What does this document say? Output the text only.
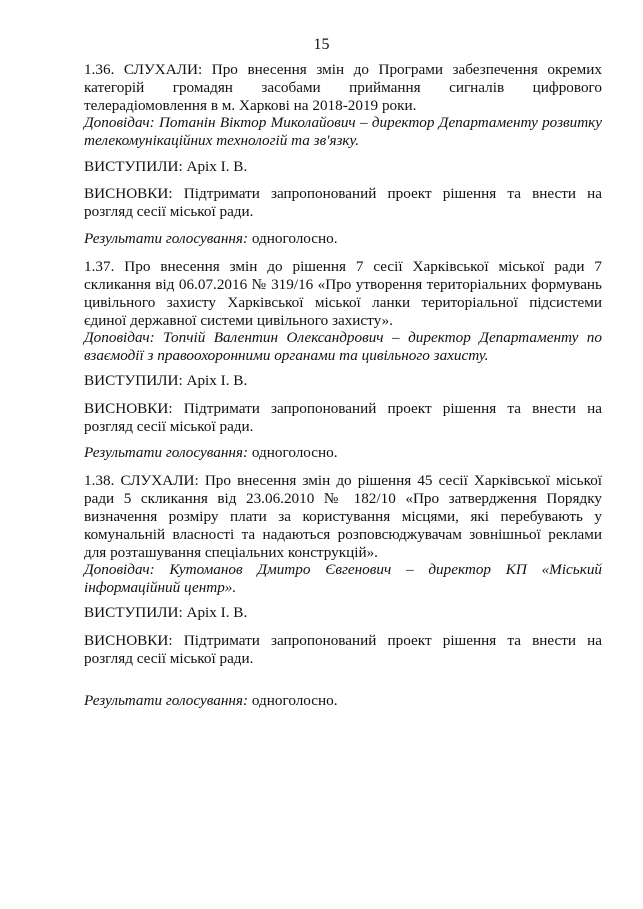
15
1.36. СЛУХАЛИ: Про внесення змін до Програми забезпечення окремих категорій громадян засобами приймання сигналів цифрового телерадіомовлення в м. Харкові на 2018-2019 роки.
Доповідач: Потанін Віктор Миколайович – директор Департаменту розвитку телекомунікаційних технологій та зв'язку.
ВИСТУПИЛИ: Аріх І. В.
ВИСНОВКИ: Підтримати запропонований проект рішення та внести на розгляд сесії міської ради.
Результати голосування: одноголосно.
1.37. Про внесення змін до рішення 7 сесії Харківської міської ради 7 скликання від 06.07.2016 № 319/16 «Про утворення територіальних формувань цивільного захисту Харківської міської ланки територіальної підсистеми єдиної державної системи цивільного захисту».
Доповідач: Топчій Валентин Олександрович – директор Департаменту по взаємодії з правоохоронними органами та цивільного захисту.
ВИСТУПИЛИ: Аріх І. В.
ВИСНОВКИ: Підтримати запропонований проект рішення та внести на розгляд сесії міської ради.
Результати голосування: одноголосно.
1.38. СЛУХАЛИ: Про внесення змін до рішення 45 сесії Харківської міської ради 5 скликання від 23.06.2010 № 182/10 «Про затвердження Порядку визначення розміру плати за користування місцями, які перебувають у комунальній власності та надаються розповсюджувачам зовнішньої реклами для розташування спеціальних конструкцій».
Доповідач: Кутоманов Дмитро Євгенович – директор КП «Міський інформаційний центр».
ВИСТУПИЛИ: Аріх І. В.
ВИСНОВКИ: Підтримати запропонований проект рішення та внести на розгляд сесії міської ради.
Результати голосування: одноголосно.
